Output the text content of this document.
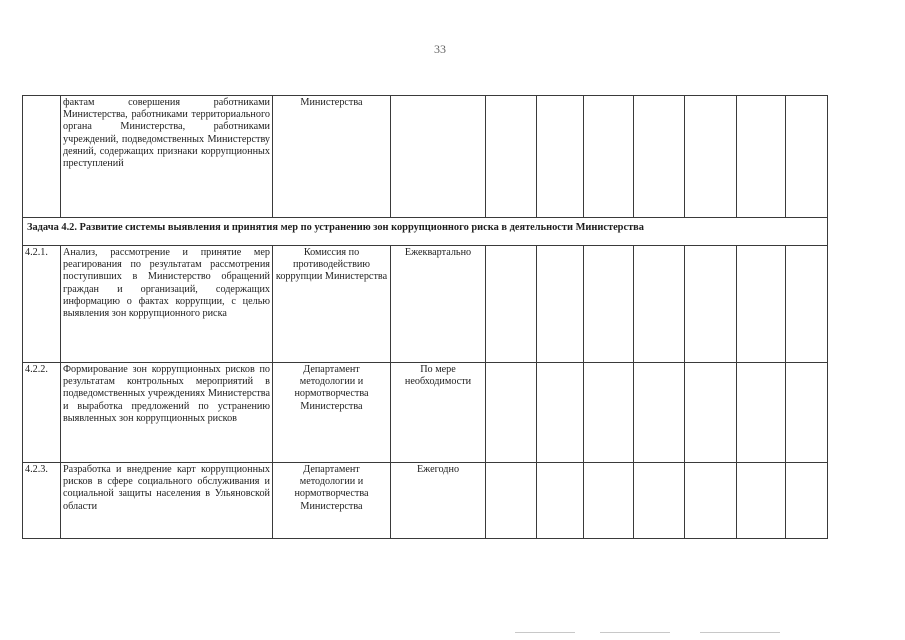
33

	фактам совершения работниками Министерства, работниками территориального органа Министерства, работниками учреждений, подведомственных Министерству деяний, содержащих признаки коррупционных преступлений	Министерства								
Задача 4.2. Развитие системы выявления и принятия мер по устранению зон коррупционного риска в деятельности Министерства										
4.2.1.	Анализ, рассмотрение и принятие мер реагирования по результатам рассмотрения поступивших в Министерство обращений граждан и организаций, содержащих информацию о фактах коррупции, с целью выявления зон коррупционного риска	Комиссия по противодействию коррупции Министерства	Ежеквартально							
4.2.2.	Формирование зон коррупционных рисков по результатам контрольных мероприятий в подведомственных учреждениях Министерства и выработка предложений по устранению выявленных зон коррупционных рисков	Департамент методологии и нормотворчества Министерства	По мере необходимости							
4.2.3.	Разработка и внедрение карт коррупционных рисков в сфере социального обслуживания и социальной защиты населения в Ульяновской области	Департамент методологии и нормотворчества Министерства	Ежегодно							
